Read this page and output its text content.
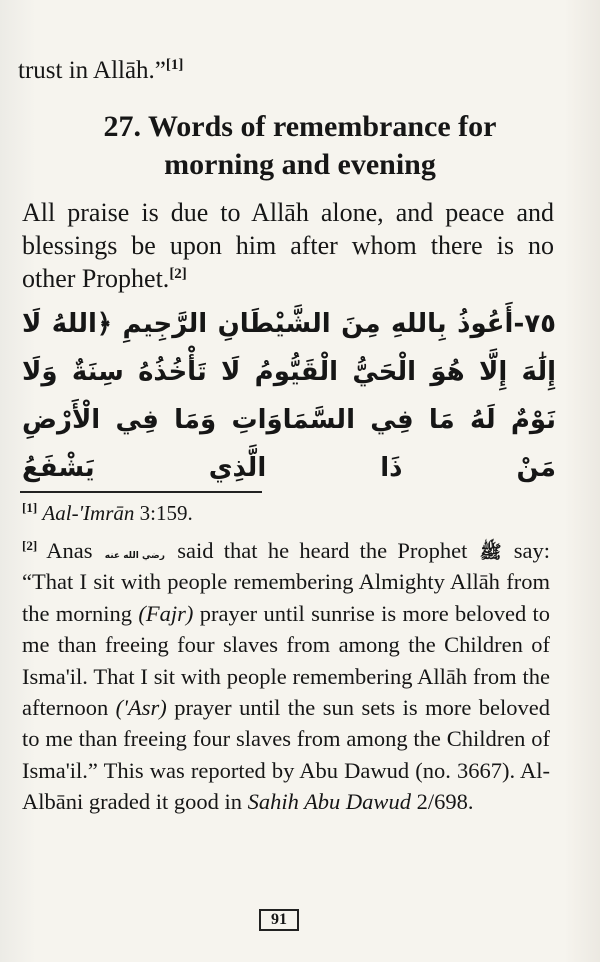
trust in Allāh.”[1]
27. Words of remembrance for
morning and evening
All praise is due to Allāh alone, and peace and blessings be upon him after whom there is no other Prophet.[2]
٧٥-أَعُوذُ بِاللهِ مِنَ الشَّيْطَانِ الرَّجِيمِ ﴿اللهُ لَا إِلَٰهَ إِلَّا هُوَ الْحَيُّ الْقَيُّومُ لَا تَأْخُذُهُ سِنَةٌ وَلَا نَوْمٌ لَهُ مَا فِي السَّمَاوَاتِ وَمَا فِي الْأَرْضِ مَنْ ذَا الَّذِي يَشْفَعُ
[1] Aal-'Imrān 3:159.
[2] Anas رضي الله عنه said that he heard the Prophet ﷺ say: “That I sit with people remembering Almighty Allāh from the morning (Fajr) prayer until sunrise is more beloved to me than freeing four slaves from among the Children of Isma'il. That I sit with people remembering Allāh from the afternoon ('Asr) prayer until the sun sets is more beloved to me than freeing four slaves from among the Children of Isma'il.” This was reported by Abu Dawud (no. 3667). Al-Albāni graded it good in Sahih Abu Dawud 2/698.
91
